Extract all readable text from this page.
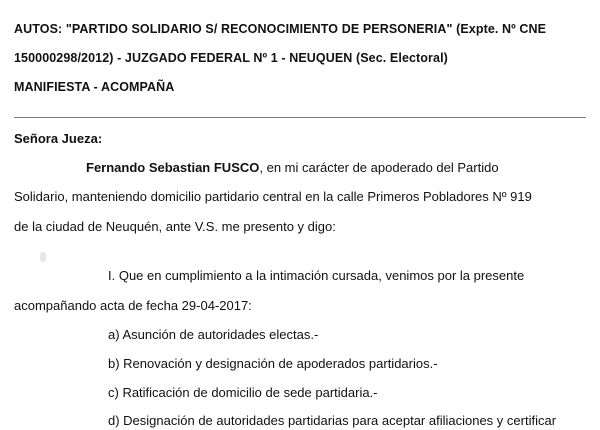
AUTOS: "PARTIDO SOLIDARIO S/ RECONOCIMIENTO DE PERSONERIA" (Expte. Nº CNE
150000298/2012) - JUZGADO FEDERAL Nº 1 - NEUQUEN (Sec. Electoral)
MANIFIESTA - ACOMPAÑA
Señora Jueza:
Fernando Sebastian FUSCO, en mi carácter de apoderado del Partido
Solidario, manteniendo domicilio partidario central en la calle Primeros Pobladores Nº 919
de la ciudad de Neuquén, ante V.S. me presento y digo:
I. Que en cumplimiento a la intimación cursada, venimos por la presente
acompañando acta de fecha 29-04-2017:
a) Asunción de autoridades electas.-
b) Renovación y designación de apoderados partidarios.-
c) Ratificación de domicilio de sede partidaria.-
d) Designación de autoridades partidarias para aceptar afiliaciones y certificar
